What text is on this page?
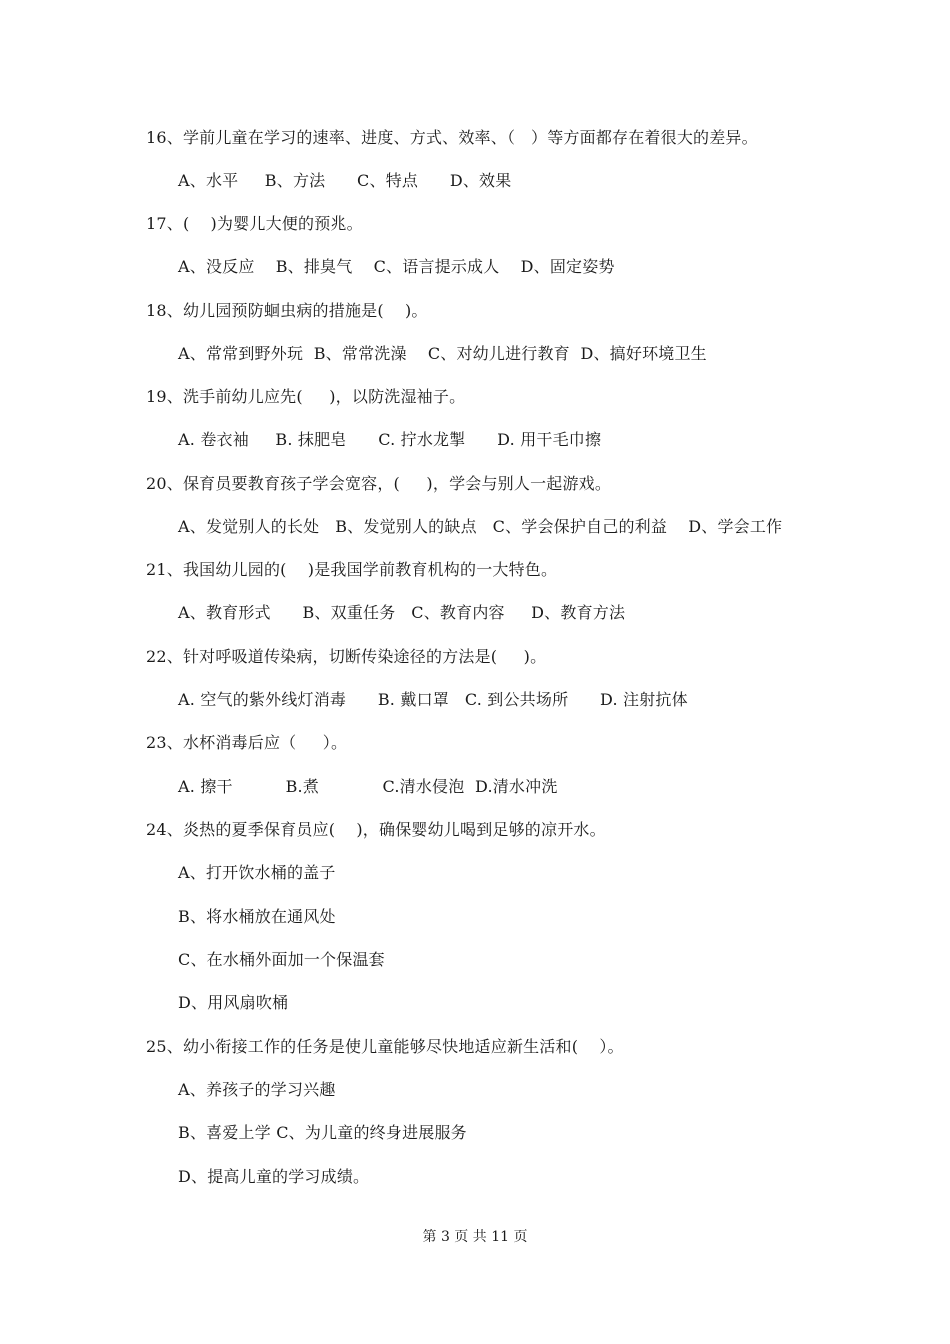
16、学前儿童在学习的速率、进度、方式、效率、（   ）等方面都存在着很大的差异。
A、水平     B、方法      C、特点      D、效果
17、(    )为婴儿大便的预兆。
A、没反应    B、排臭气    C、语言提示成人    D、固定姿势
18、幼儿园预防蛔虫病的措施是(    )。
A、常常到野外玩  B、常常洗澡    C、对幼儿进行教育  D、搞好环境卫生
19、洗手前幼儿应先(     )，以防洗湿袖子。
A. 卷衣袖     B. 抹肥皂      C. 拧水龙掣      D. 用干毛巾擦
20、保育员要教育孩子学会宽容，(     )，学会与别人一起游戏。
A、发觉别人的长处   B、发觉别人的缺点   C、学会保护自己的利益    D、学会工作
21、我国幼儿园的(    )是我国学前教育机构的一大特色。
A、教育形式      B、双重任务   C、教育内容     D、教育方法
22、针对呼吸道传染病，切断传染途径的方法是(     )。
A. 空气的紫外线灯消毒      B. 戴口罩   C. 到公共场所      D. 注射抗体
23、水杯消毒后应（     ）。
A. 擦干          B.煮            C.清水侵泡  D.清水冲洗
24、炎热的夏季保育员应(    )，确保婴幼儿喝到足够的凉开水。
A、打开饮水桶的盖子
B、将水桶放在通风处
C、在水桶外面加一个保温套
D、用风扇吹桶
25、幼小衔接工作的任务是使儿童能够尽快地适应新生活和(    ）。
A、养孩子的学习兴趣
B、喜爱上学 C、为儿童的终身进展服务
D、提高儿童的学习成绩。
第 3 页 共 11 页
